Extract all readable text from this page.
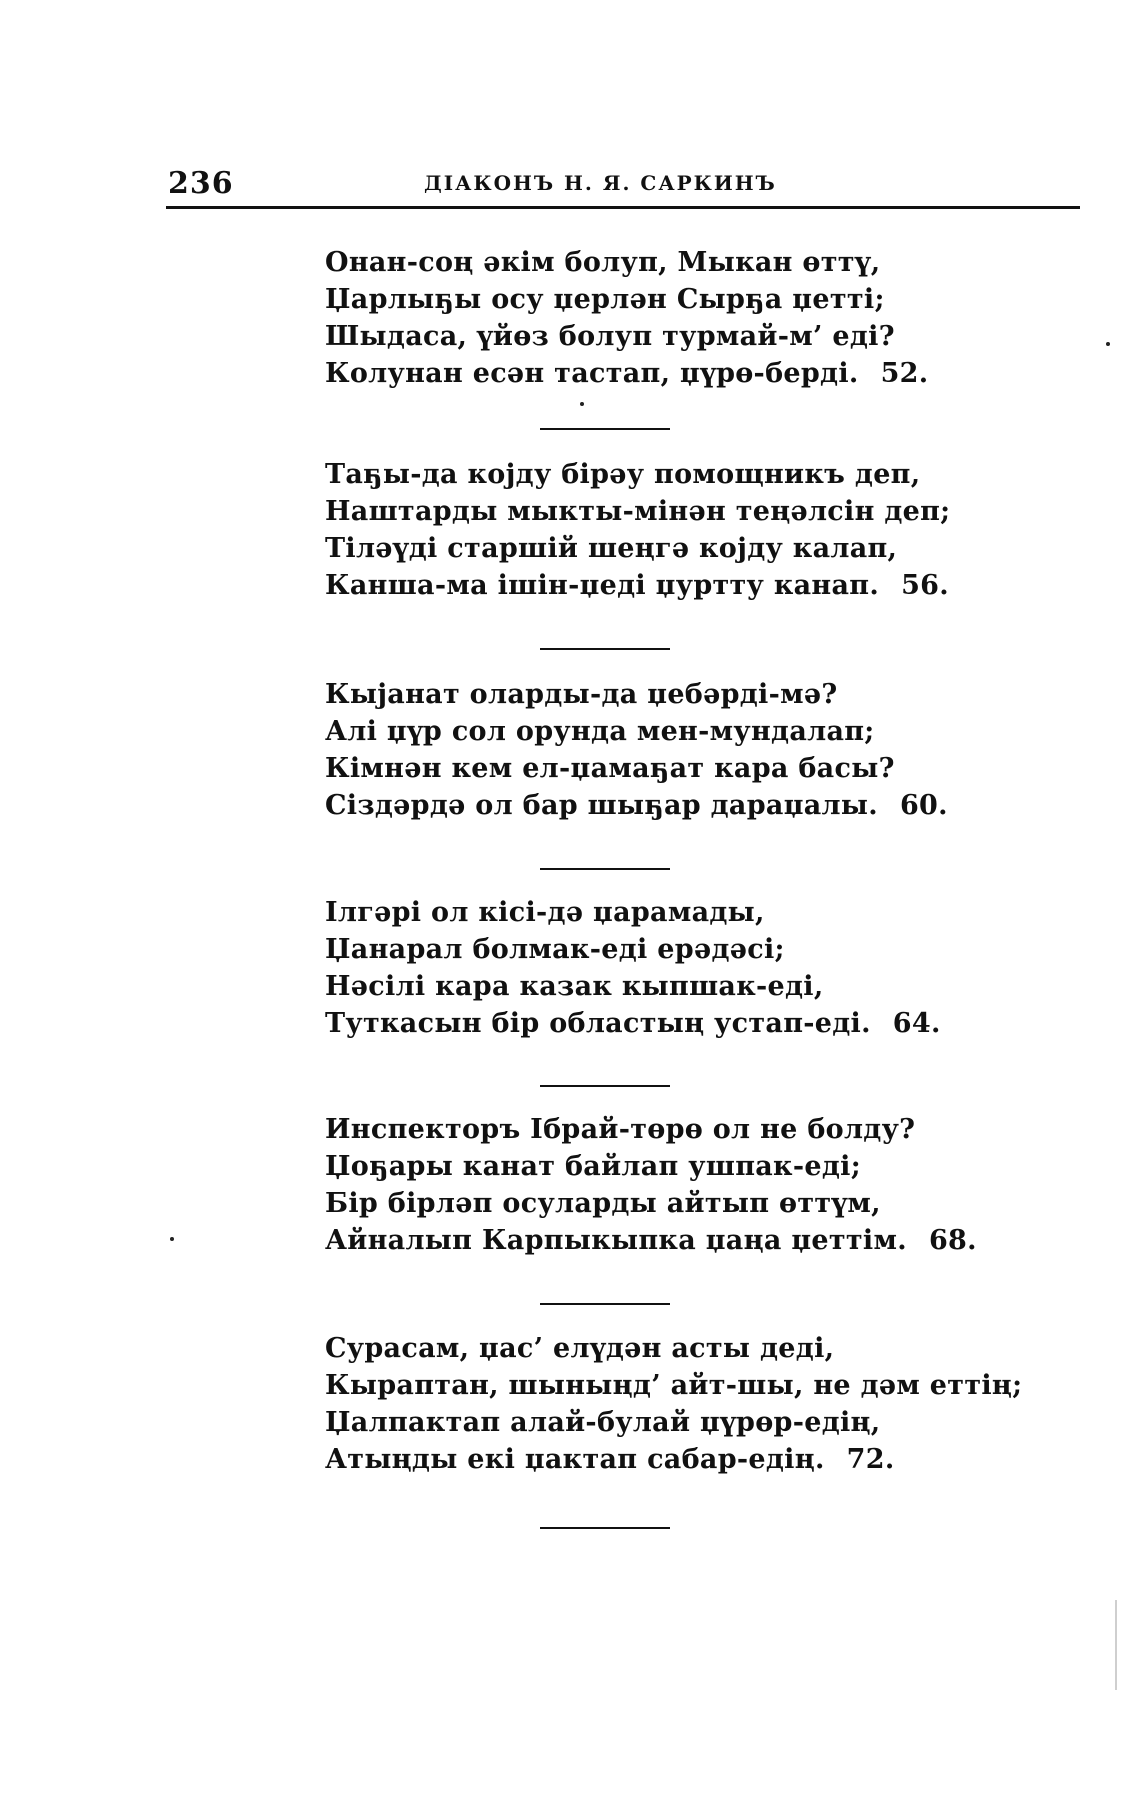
236	ДІАКОНЪ Н. Я. САРКИНЪ
Онан-соң әкім болуп, Мыкан өттү,
Џарлыҕы осу џерлән Сырҕа џетті;
Шыдаса, үйөз болуп турмай-м’ еді?
Колунан есән тастап, џүрө-берді. 52.
Таҕы-да коjду бірәу помощникъ деп,
Наштарды мыкты-мінән теңәлсін деп;
Тіләүді старшій шеңгә коjду калап,
Канша-ма ішін-џеді џуртту канап. 56.
Кыјанат оларды-да џебәрді-мә?
Алі џүр сол орунда мен-мундалап;
Кімнән кем ел-џамаҕат кара басы?
Сіздәрдә ол бар шыҕар дараџалы. 60.
Ілгәрі ол кісі-дә џарамады,
Џанарал болмак-еді ерәдәсі;
Нәсілі кара казак кыпшак-еді,
Туткасын бір областың устап-еді. 64.
Инспекторъ Ібрай-төрө ол не болду?
Џоҕары канат байлап ушпак-еді;
Бір бірләп осуларды айтып өттүм,
Айналып Карпыкыпка џаңа џеттім. 68.
Сурасам, џас’ елүдән асты деді,
Кыраптан, шыныңд’ айт-шы, не дәм еттің;
Џалпактап алай-булай џүрөр-едің,
Атыңды екі џактап сабар-едің. 72.
